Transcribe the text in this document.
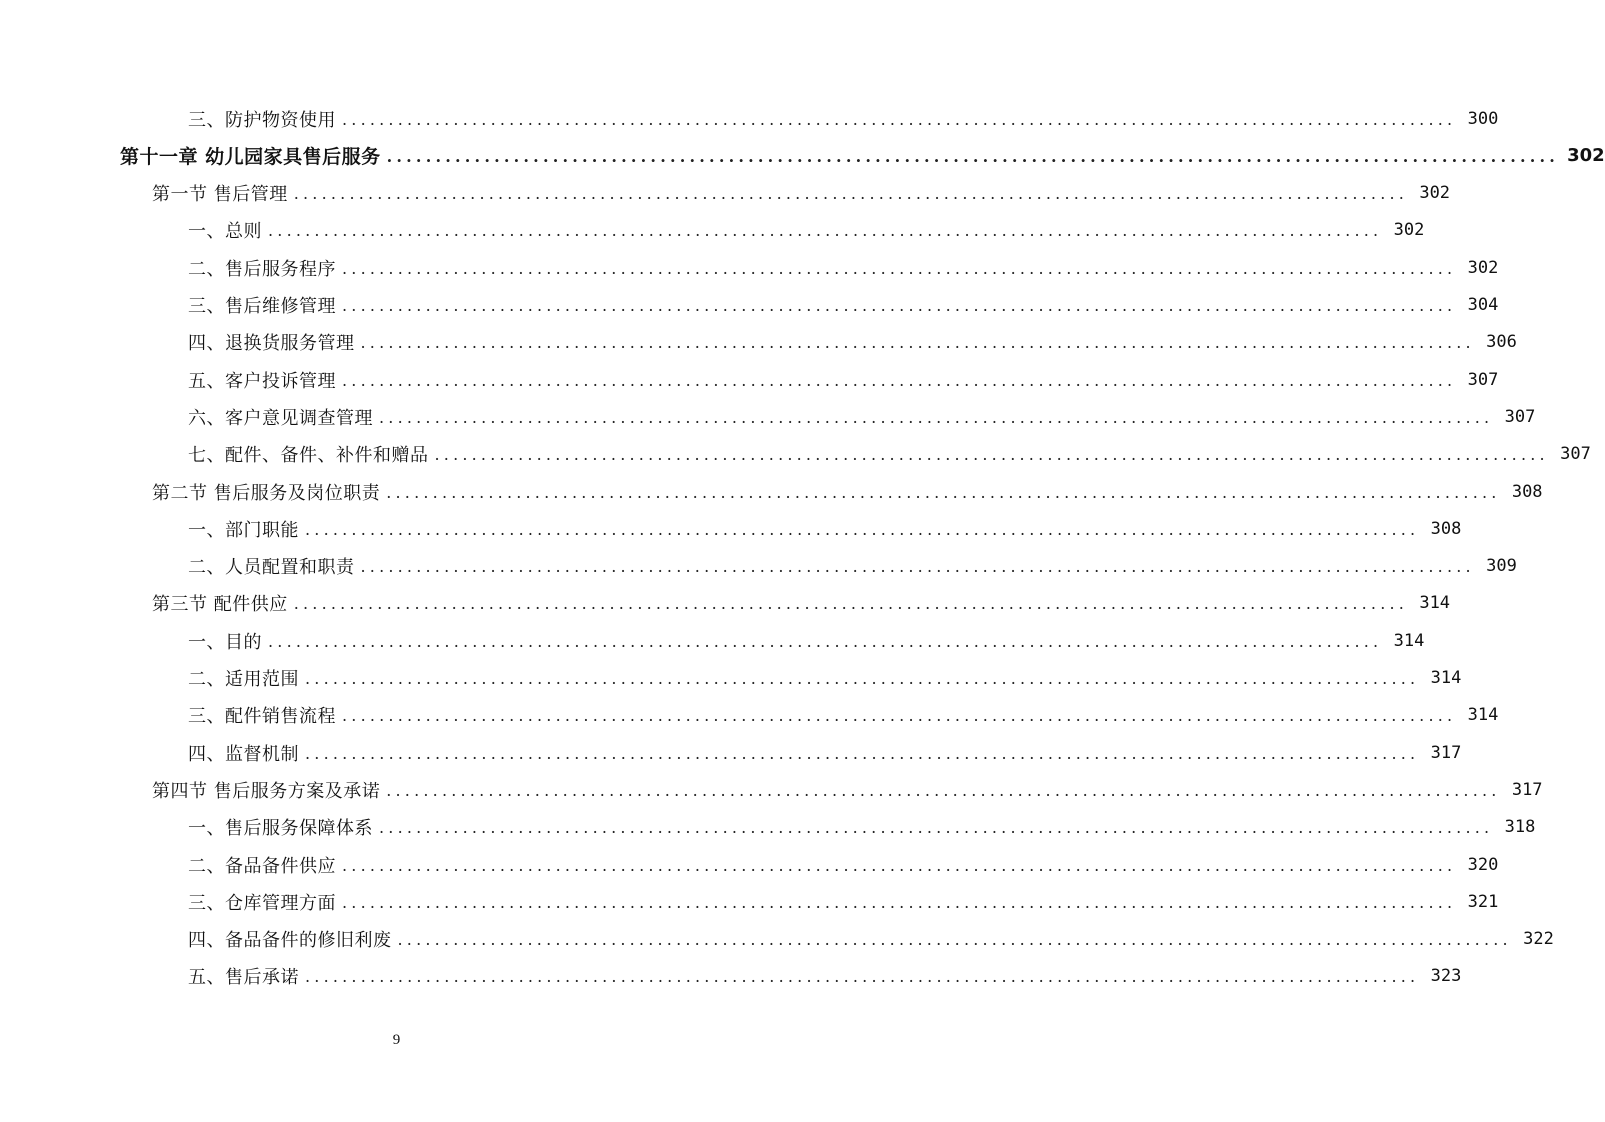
三、防护物资使用 ........................................................................................................................ 300
第十一章 幼儿园家具售后服务 ........................................................................................................................ 302
第一节 售后管理 ........................................................................................................................ 302
一、总则 ........................................................................................................................ 302
二、售后服务程序 ........................................................................................................................ 302
三、售后维修管理 ........................................................................................................................ 304
四、退换货服务管理 ........................................................................................................................ 306
五、客户投诉管理 ........................................................................................................................ 307
六、客户意见调查管理 ........................................................................................................................ 307
七、配件、备件、补件和赠品 ........................................................................................................................ 307
第二节 售后服务及岗位职责 ........................................................................................................................ 308
一、部门职能 ........................................................................................................................ 308
二、人员配置和职责 ........................................................................................................................ 309
第三节 配件供应 ........................................................................................................................ 314
一、目的 ........................................................................................................................ 314
二、适用范围 ........................................................................................................................ 314
三、配件销售流程 ........................................................................................................................ 314
四、监督机制 ........................................................................................................................ 317
第四节 售后服务方案及承诺 ........................................................................................................................ 317
一、售后服务保障体系 ........................................................................................................................ 318
二、备品备件供应 ........................................................................................................................ 320
三、仓库管理方面 ........................................................................................................................ 321
四、备品备件的修旧利废 ........................................................................................................................ 322
五、售后承诺 ........................................................................................................................ 323
9
